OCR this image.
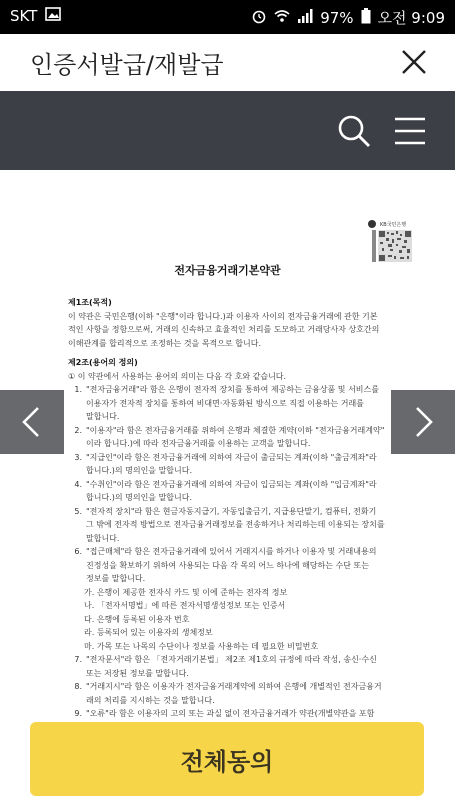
SKT	97% 오전 9:09
인증서발급/재발급
KB국민은행
전자금융거래기본약관
제1조(목적)
이 약관은 국민은행(이하 "은행"이라 합니다.)과 이용자 사이의 전자금융거래에 관한 기본
적인 사항을 정함으로써, 거래의 신속하고 효율적인 처리를 도모하고 거래당사자 상호간의
이해관계를 합리적으로 조정하는 것을 목적으로 합니다.
제2조(용어의 정의)
① 이 약관에서 사용하는 용어의 의미는 다음 각 호와 같습니다.
1. "전자금융거래"라 함은 은행이 전자적 장치를 통하여 제공하는 금융상품 및 서비스를
이용자가 전자적 장치를 통하여 비대면·자동화된 방식으로 직접 이용하는 거래를
말합니다.
2. "이용자"라 함은 전자금융거래를 위하여 은행과 체결한 계약(이하 "전자금융거래계약"
이라 합니다.)에 따라 전자금융거래를 이용하는 고객을 말합니다.
3. "지급인"이라 함은 전자금융거래에 의하여 자금이 출금되는 계좌(이하 "출금계좌"라
합니다.)의 명의인을 말합니다.
4. "수취인"이라 함은 전자금융거래에 의하여 자금이 입금되는 계좌(이하 "입금계좌"라
합니다.)의 명의인을 말합니다.
5. "전자적 장치"라 함은 현금자동지급기, 자동입출금기, 지급용단말기, 컴퓨터, 전화기
그 밖에 전자적 방법으로 전자금융거래정보를 전송하거나 처리하는데 이용되는 장치를
말합니다.
6. "접근매체"라 함은 전자금융거래에 있어서 거래지시를 하거나 이용자 및 거래내용의
진정성을 확보하기 위하여 사용되는 다음 각 목의 어느 하나에 해당하는 수단 또는
정보를 말합니다.
가. 은행이 제공한 전자식 카드 및 이에 준하는 전자적 정보
나. 「전자서명법」에 따른 전자서명생성정보 또는 인증서
다. 은행에 등록된 이용자 번호
라. 등록되어 있는 이용자의 생체정보
마. 가목 또는 나목의 수단이나 정보를 사용하는 데 필요한 비밀번호
7. "전자문서"라 함은 「전자거래기본법」 제2조 제1호의 규정에 따라 작성, 송신·수신
또는 저장된 정보를 말합니다.
8. "거래지시"라 함은 이용자가 전자금융거래계약에 의하여 은행에 개별적인 전자금융거
래의 처리를 지시하는 것을 말합니다.
9. "오류"라 함은 이용자의 고의 또는 과실 없이 전자금융거래가 약관(개별약관을 포함
전체동의
